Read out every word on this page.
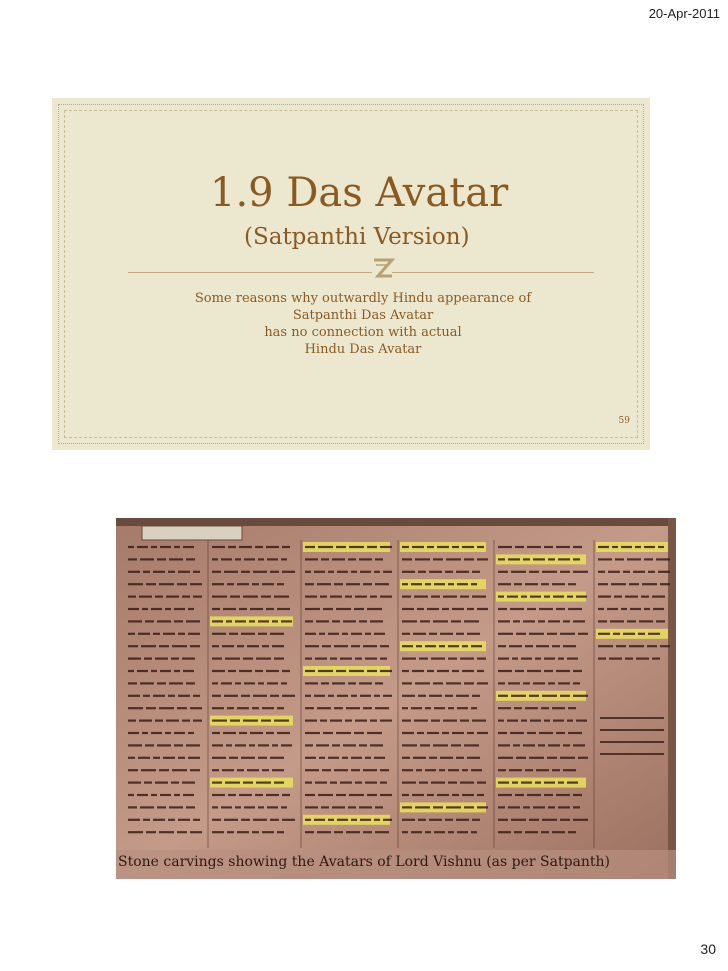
20-Apr-2011
1.9 Das Avatar
(Satpanthi Version)
Some reasons why outwardly Hindu appearance of
Satpanthi Das Avatar
has no connection with actual
Hindu Das Avatar
59
Stone carvings showing the Avatars of Lord Vishnu (as per Satpanth)
30
